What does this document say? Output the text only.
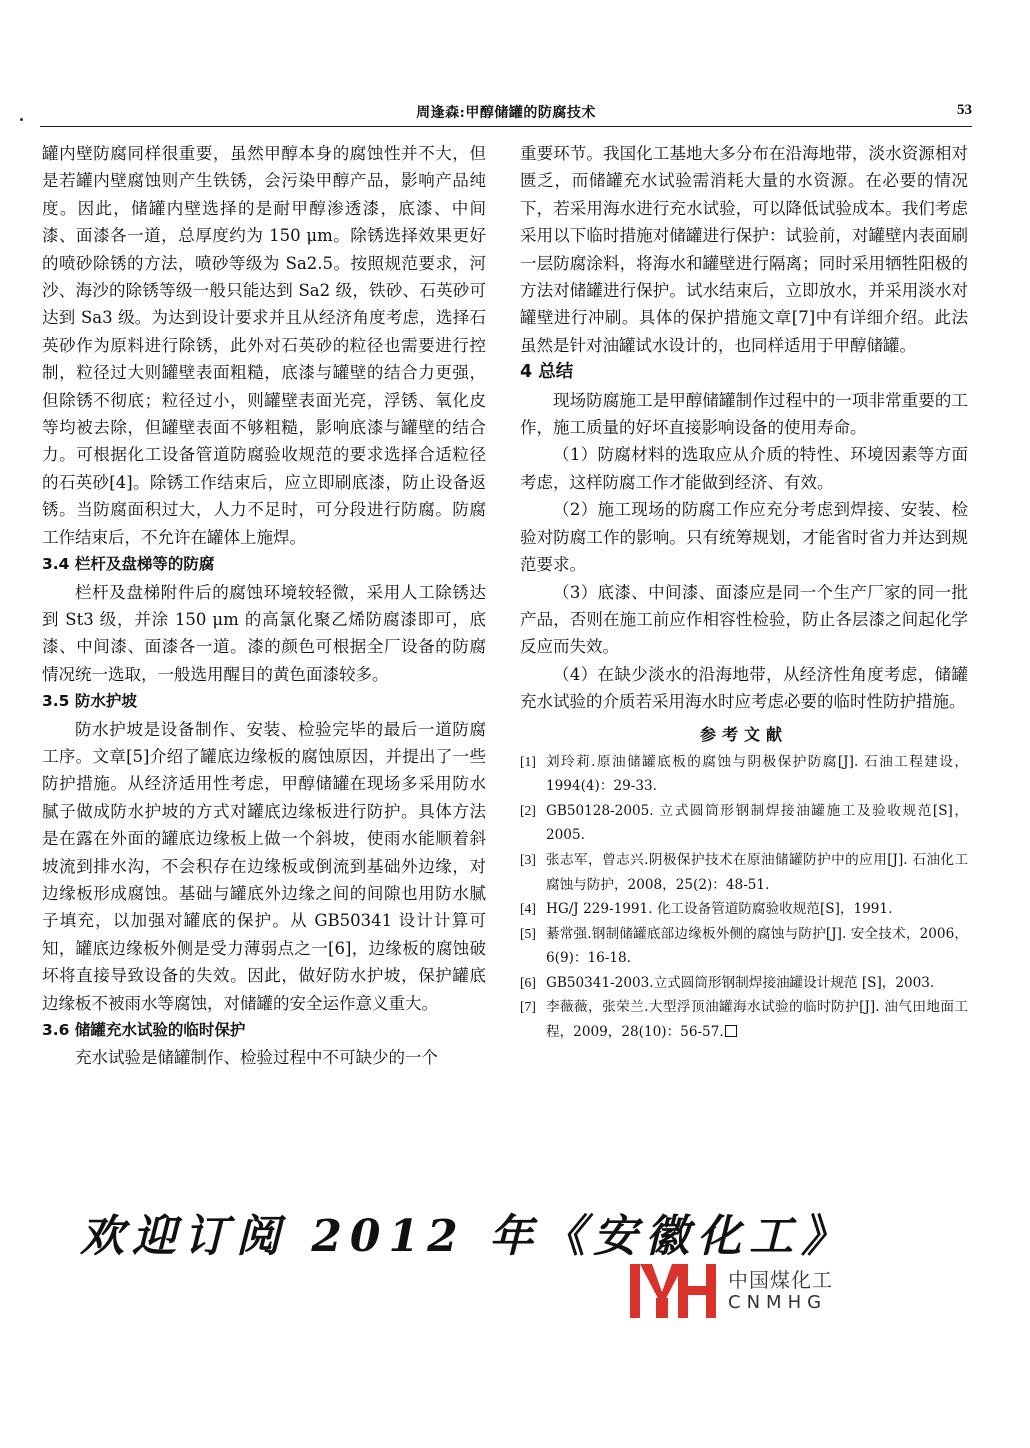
周逢森:甲醇储罐的防腐技术	53

罐内壁防腐同样很重要，虽然甲醇本身的腐蚀性并不大，但是若罐内壁腐蚀则产生铁锈，会污染甲醇产品，影响产品纯度。因此，储罐内壁选择的是耐甲醇渗透漆，底漆、中间漆、面漆各一道，总厚度约为 150 μm。除锈选择效果更好的喷砂除锈的方法，喷砂等级为 Sa2.5。按照规范要求，河沙、海沙的除锈等级一般只能达到 Sa2 级，铁砂、石英砂可达到 Sa3 级。为达到设计要求并且从经济角度考虑，选择石英砂作为原料进行除锈，此外对石英砂的粒径也需要进行控制，粒径过大则罐壁表面粗糙，底漆与罐壁的结合力更强，但除锈不彻底；粒径过小，则罐壁表面光亮，浮锈、氧化皮等均被去除，但罐壁表面不够粗糙，影响底漆与罐壁的结合力。可根据化工设备管道防腐验收规范的要求选择合适粒径的石英砂[4]。除锈工作结束后，应立即刷底漆，防止设备返锈。当防腐面积过大，人力不足时，可分段进行防腐。防腐工作结束后，不允许在罐体上施焊。

3.4 栏杆及盘梯等的防腐

栏杆及盘梯附件后的腐蚀环境较轻微，采用人工除锈达到 St3 级，并涂 150 μm 的高氯化聚乙烯防腐漆即可，底漆、中间漆、面漆各一道。漆的颜色可根据全厂设备的防腐情况统一选取，一般选用醒目的黄色面漆较多。

3.5 防水护坡

防水护坡是设备制作、安装、检验完毕的最后一道防腐工序。文章[5]介绍了罐底边缘板的腐蚀原因，并提出了一些防护措施。从经济适用性考虑，甲醇储罐在现场多采用防水腻子做成防水护坡的方式对罐底边缘板进行防护。具体方法是在露在外面的罐底边缘板上做一个斜坡，使雨水能顺着斜坡流到排水沟，不会积存在边缘板或倒流到基础外边缘，对边缘板形成腐蚀。基础与罐底外边缘之间的间隙也用防水腻子填充，以加强对罐底的保护。从 GB50341 设计计算可知，罐底边缘板外侧是受力薄弱点之一[6]，边缘板的腐蚀破坏将直接导致设备的失效。因此，做好防水护坡，保护罐底边缘板不被雨水等腐蚀，对储罐的安全运作意义重大。

3.6 储罐充水试验的临时保护

充水试验是储罐制作、检验过程中不可缺少的一个

重要环节。我国化工基地大多分布在沿海地带，淡水资源相对匮乏，而储罐充水试验需消耗大量的水资源。在必要的情况下，若采用海水进行充水试验，可以降低试验成本。我们考虑采用以下临时措施对储罐进行保护：试验前，对罐壁内表面刷一层防腐涂料，将海水和罐壁进行隔离；同时采用牺牲阳极的方法对储罐进行保护。试水结束后，立即放水，并采用淡水对罐壁进行冲刷。具体的保护措施文章[7]中有详细介绍。此法虽然是针对油罐试水设计的，也同样适用于甲醇储罐。

4 总结

现场防腐施工是甲醇储罐制作过程中的一项非常重要的工作，施工质量的好坏直接影响设备的使用寿命。

（1）防腐材料的选取应从介质的特性、环境因素等方面考虑，这样防腐工作才能做到经济、有效。

（2）施工现场的防腐工作应充分考虑到焊接、安装、检验对防腐工作的影响。只有统筹规划，才能省时省力并达到规范要求。

（3）底漆、中间漆、面漆应是同一个生产厂家的同一批产品，否则在施工前应作相容性检验，防止各层漆之间起化学反应而失效。

（4）在缺少淡水的沿海地带，从经济性角度考虑，储罐充水试验的介质若采用海水时应考虑必要的临时性防护措施。

参考文献
[1] 刘玲莉.原油储罐底板的腐蚀与阴极保护防腐[J]. 石油工程建设，1994(4)：29-33.
[2] GB50128-2005. 立式圆筒形钢制焊接油罐施工及验收规范[S]，2005.
[3] 张志军，曾志兴.阴极保护技术在原油储罐防护中的应用[J]. 石油化工腐蚀与防护，2008，25(2)：48-51.
[4] HG/J 229-1991. 化工设备管道防腐验收规范[S]，1991.
[5] 綦常强.钢制储罐底部边缘板外侧的腐蚀与防护[J]. 安全技术，2006，6(9)：16-18.
[6] GB50341-2003.立式圆筒形钢制焊接油罐设计规范 [S]，2003.
[7] 李薇薇，张荣兰.大型浮顶油罐海水试验的临时防护[J]. 油气田地面工程，2009，28(10)：56-57.
欢迎订阅 2012 年《安徽化工》
中国煤化工
CNMHG
